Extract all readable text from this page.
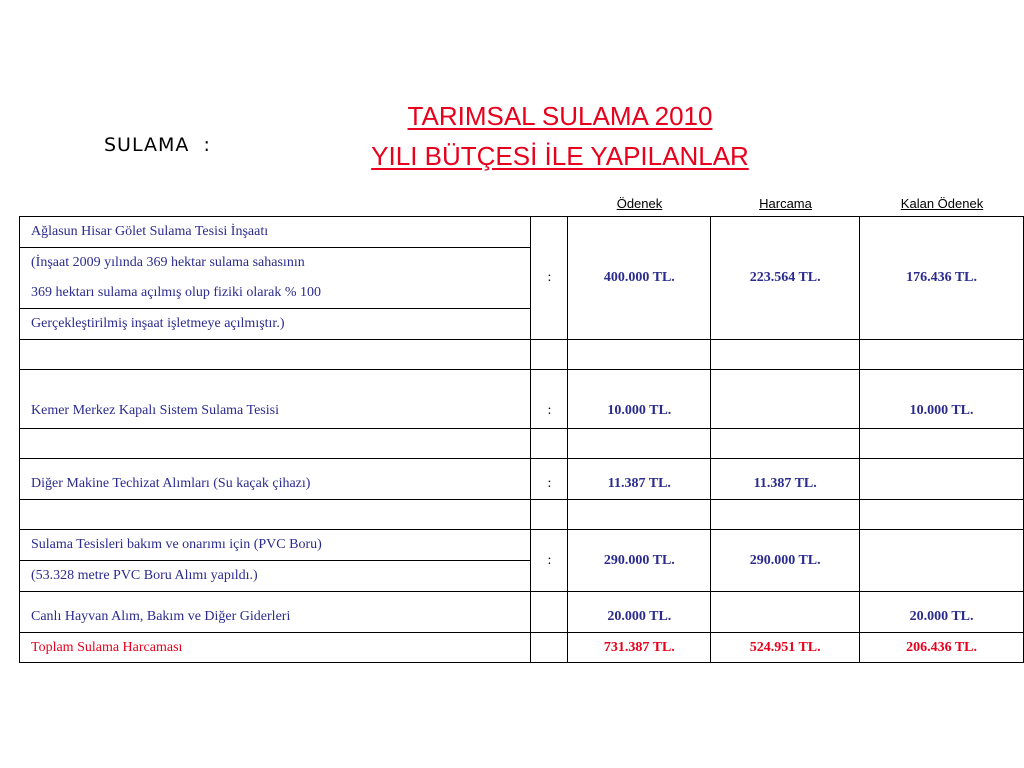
SULAMA  :
TARIMSAL SULAMA 2010
YILI BÜTÇESİ İLE YAPILANLAR
Ödenek	Harcama	Kalan Ödenek
Ağlasun Hisar Gölet Sulama Tesisi İnşaatı	:	400.000 TL.	223.564 TL.	176.436 TL.

(İnşaat 2009 yılında 369 hektar sulama sahasının
369 hektarı sulama açılmış olup fiziki olarak % 100				

Gerçekleştirilmiş inşaat işletmeye açılmıştır.)				

Kemer Merkez Kapalı Sistem Sulama Tesisi	:	10.000 TL.		10.000 TL.

Diğer Makine Techizat Alımları (Su kaçak çihazı)	:	11.387 TL.	11.387 TL.	

Sulama Tesisleri bakım ve onarımı için (PVC Boru)	:	290.000 TL.	290.000 TL.	
(53.328 metre PVC Boru Alımı yapıldı.)				
Canlı Hayvan Alım, Bakım ve Diğer Giderleri		20.000 TL.		20.000 TL.
Toplam Sulama Harcaması		731.387 TL.	524.951 TL.	206.436 TL.
